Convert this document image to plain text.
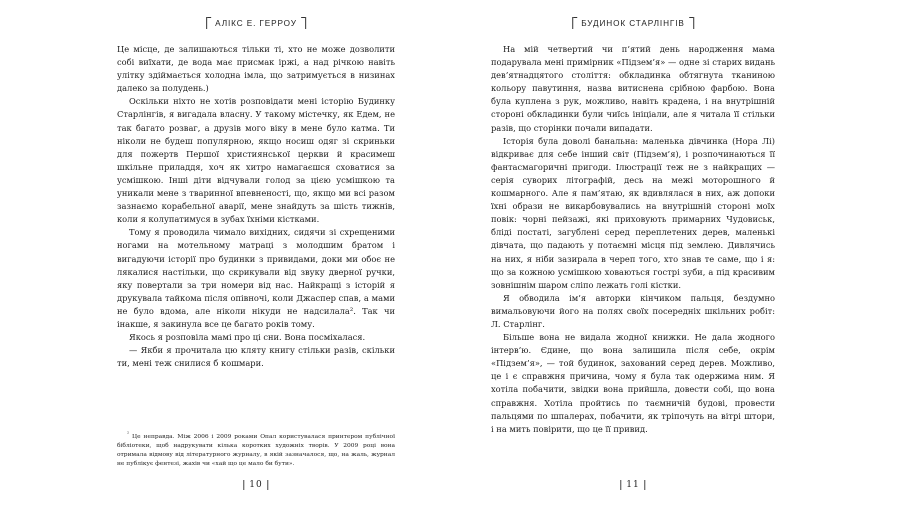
АЛІКС Е. ГЕРРОУ

Це місце, де залишаються тільки ті, хто не може дозволити собі виїхати, де вода має присмак іржі, а над річкою навіть улітку здіймається холодна імла, що затримується в низинах далеко за полудень.)

Оскільки ніхто не хотів розповідати мені історію Будинку Старлінгів, я вигадала власну. У такому містечку, як Едем, не так багато розваг, а друзів мого віку в мене було катма. Ти ніколи не будеш популярною, якщо носиш одяг зі скриньки для пожертв Першої християнської церкви й красимеш шкільне приладдя, хоч як хитро намагаєшся сховатися за усмішкою. Інші діти відчували голод за цією усмішкою та уникали мене з тваринної впевненості, що, якщо ми всі разом зазнаємо корабельної аварії, мене знайдуть за шість тижнів, коли я колупатимуся в зубах їхніми кістками.

Тому я проводила чимало вихідних, сидячи зі схрещеними ногами на мотельному матраці з молодшим братом і вигадуючи історії про будинки з привидами, доки ми обоє не лякалися настільки, що скрикували від звуку дверної ручки, яку повертали за три номери від нас. Найкращі з історій я друкувала тайкома після опівночі, коли Джаспер спав, а мами не було вдома, але ніколи нікуди не надсилала². Так чи інакше, я закинула все це багато років тому.

Якось я розповіла мамі про ці сни. Вона посміхалася.

— Якби я прочитала цю кляту книгу стільки разів, скільки ти, мені теж снилися б кошмари.

$^{^2}$ Це неправда. Між 2006 і 2009 роками Опал користувалася принтером публічної бібліотеки, щоб надрукувати кілька коротких художніх творів. У 2009 році вона отримала відмову від літературного журналу, в якій зазначалося, що, на жаль, журнал не публікує фентезі, жахів чи «хай що це мало би бути».

10
БУДИНОК СТАРЛІНГІВ

На мій четвертий чи п’ятий день народження мама подарувала мені примірник «Підзем’я» — одне зі старих видань дев’ятнадцятого століття: обкладинка обтягнута тканиною кольору павутиння, назва витиснена срібною фарбою. Вона була куплена з рук, можливо, навіть крадена, і на внутрішній стороні обкладинки були чиїсь ініціали, але я читала її стільки разів, що сторінки почали випадати.

Історія була доволі банальна: маленька дівчинка (Нора Лі) відкриває для себе інший світ (Підзем’я), і розпочинаються її фантасмагоричні пригоди. Ілюстрації теж не з найкращих — серія суворих літографій, десь на межі моторошного й кошмарного. Але я пам’ятаю, як вдивлялася в них, аж допоки їхні образи не викарбовувались на внутрішній стороні моїх повік: чорні пейзажі, які приховують примарних Чудовиськ, бліді постаті, загублені серед переплетених дерев, маленькі дівчата, що падають у потаємні місця під землею. Дивлячись на них, я ніби зазирала в череп того, хто знав те саме, що і я: що за кожною усмішкою ховаються гострі зуби, а під красивим зовнішнім шаром сліпо лежать голі кістки.

Я обводила ім’я авторки кінчиком пальця, бездумно вимальовуючи його на полях своїх посередніх шкільних робіт: Л. Старлінг.

Більше вона не видала жодної книжки. Не дала жодного інтерв’ю. Єдине, що вона залишила після себе, окрім «Підзем’я», — той будинок, захований серед дерев. Можливо, це і є справжня причина, чому я була так одержима ним. Я хотіла побачити, звідки вона прийшла, довести собі, що вона справжня. Хотіла пройтись по таємничій будові, провести пальцями по шпалерах, побачити, як тріпочуть на вітрі штори, і на мить повірити, що це її привид.

11
